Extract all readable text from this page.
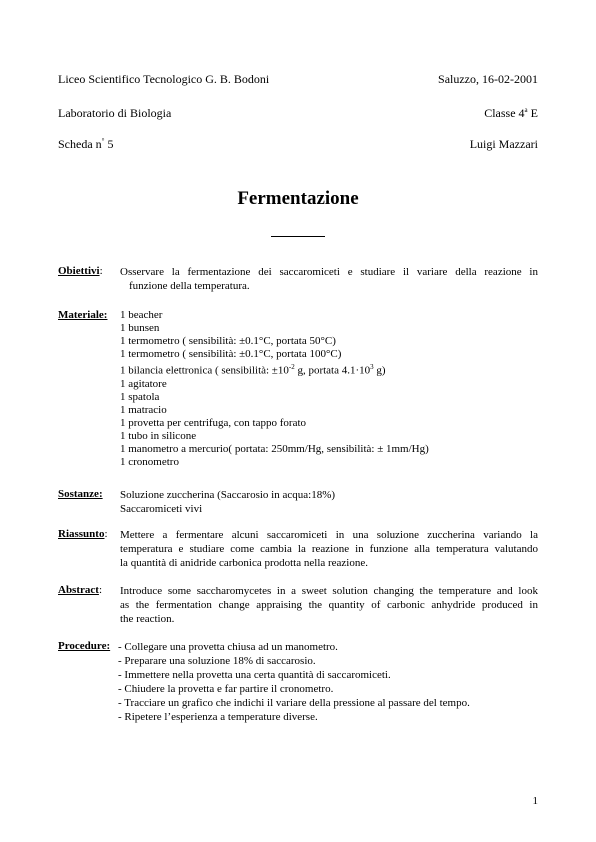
Liceo Scientifico Tecnologico G. B. Bodoni	Saluzzo, 16-02-2001
Laboratorio di Biologia	Classe 4$^a$ E
Scheda n° 5	Luigi Mazzari
Fermentazione
Obiettivi: Osservare la fermentazione dei saccaromiceti e studiare il variare della reazione in
funzione della temperatura.
Materiale: 1 beacher
1 bunsen
1 termometro ( sensibilità: ±0.1°C, portata 50°C)
1 termometro ( sensibilità: ±0.1°C, portata 100°C)
1 bilancia elettronica ( sensibilità: $\pm 10^{-2}$ g, portata $4.1\cdot 10^3$ g)
1 agitatore
1 spatola
1 matracio
1 provetta per centrifuga, con tappo forato
1 tubo in silicone
1 manometro a mercurio( portata: 250mm/Hg, sensibilità: ± 1mm/Hg)
1 cronometro
Sostanze: Soluzione zuccherina (Saccarosio in acqua:18%)
Saccaromiceti vivi
Riassunto: Mettere a fermentare alcuni saccaromiceti in una soluzione zuccherina variando la
temperatura e studiare come cambia la reazione in funzione alla temperatura valutando
la quantità di anidride carbonica prodotta nella reazione.
Abstract: Introduce some saccharomycetes in a sweet solution changing the temperature and look
as the fermentation change appraising the quantity of carbonic anhydride produced in
the reaction.
Procedure: - Collegare una provetta chiusa ad un manometro.
- Preparare una soluzione 18% di saccarosio.
- Immettere nella provetta una certa quantità di saccaromiceti.
- Chiudere la provetta e far partire il cronometro.
- Tracciare un grafico che indichi il variare della pressione al passare del tempo.
- Ripetere l’esperienza a temperature diverse.
1
